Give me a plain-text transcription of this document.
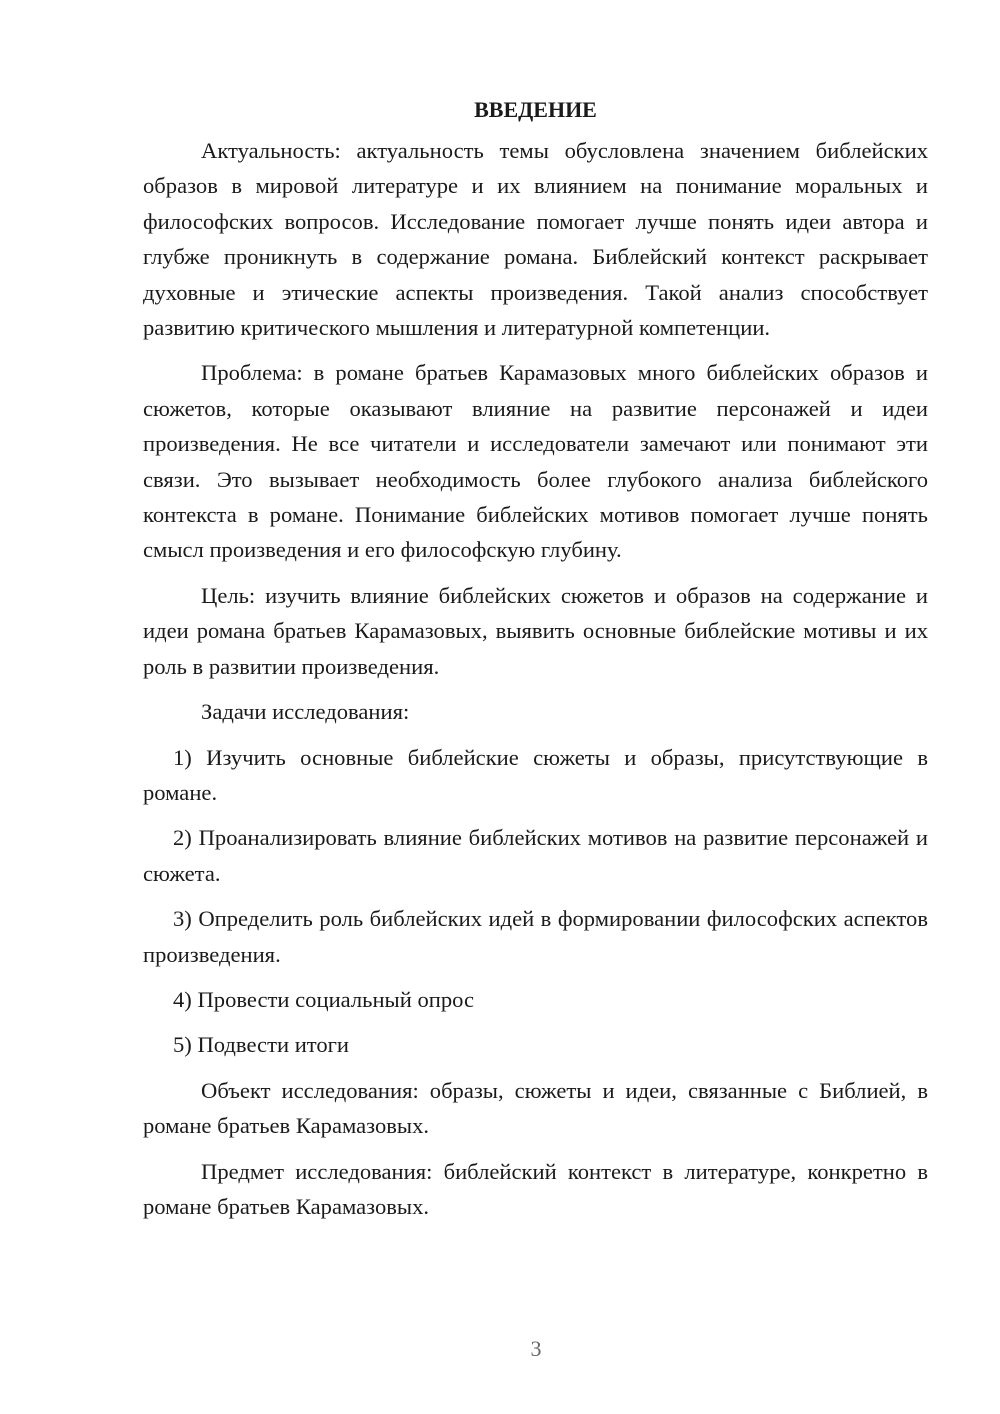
ВВЕДЕНИЕ

Актуальность: актуальность темы обусловлена значением библейских образов в мировой литературе и их влиянием на понимание моральных и философских вопросов. Исследование помогает лучше понять идеи автора и глубже проникнуть в содержание романа. Библейский контекст раскрывает духовные и этические аспекты произведения. Такой анализ способствует развитию критического мышления и литературной компетенции.

Проблема: в романе братьев Карамазовых много библейских образов и сюжетов, которые оказывают влияние на развитие персонажей и идеи произведения. Не все читатели и исследователи замечают или понимают эти связи. Это вызывает необходимость более глубокого анализа библейского контекста в романе. Понимание библейских мотивов помогает лучше понять смысл произведения и его философскую глубину.

Цель: изучить влияние библейских сюжетов и образов на содержание и идеи романа братьев Карамазовых, выявить основные библейские мотивы и их роль в развитии произведения.

Задачи исследования:

1) Изучить основные библейские сюжеты и образы, присутствующие в романе.

2) Проанализировать влияние библейских мотивов на развитие персонажей и сюжета.

3) Определить роль библейских идей в формировании философских аспектов произведения.

4) Провести социальный опрос

5) Подвести итоги

Объект исследования: образы, сюжеты и идеи, связанные с Библией, в романе братьев Карамазовых.

Предмет исследования: библейский контекст в литературе, конкретно в романе братьев Карамазовых.

3
